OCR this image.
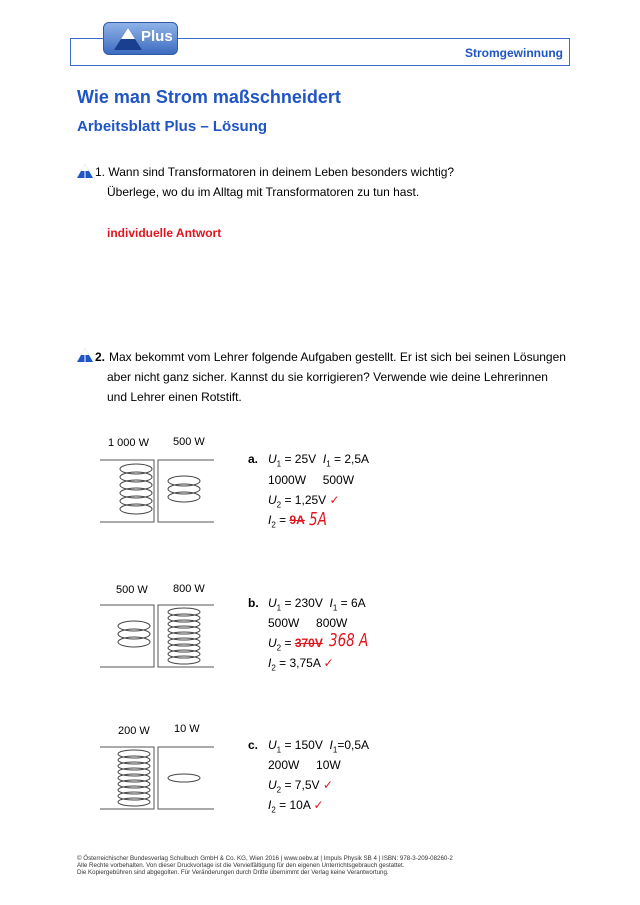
Plus
Stromgewinnung
Wie man Strom maßschneidert
Arbeitsblatt Plus – Lösung
1. Wann sind Transformatoren in deinem Leben besonders wichtig?
Überlege, wo du im Alltag mit Transformatoren zu tun hast.
individuelle Antwort
2. Max bekommt vom Lehrer folgende Aufgaben gestellt. Er ist sich bei seinen Lösungen
aber nicht ganz sicher. Kannst du sie korrigieren? Verwende wie deine Lehrerinnen
und Lehrer einen Rotstift.
1 000 W 500 W
a. $U_1 = 25V$ $I_1 = 2,5A$
1000W     500W
$U_2 = 1,25V$ ✓
$I_2 = 9A$ 5A
500 W 800 W
b. $U_1 = 230V$ $I_1 = 6A$
500W     800W
$U_2 = 370V$ 368 A
$I_2 = 3,75A$ ✓
200 W 10 W
c. $U_1 = 150V$ $I_1=0,5A$
200W     10W
$U_2 = 7,5V$ ✓
$I_2 = 10A$ ✓
© Österreichischer Bundesverlag Schulbuch GmbH & Co. KG, Wien 2016 | www.oebv.at | Impuls Physik SB 4 | ISBN: 978-3-209-08260-2
Alle Rechte vorbehalten. Von dieser Druckvorlage ist die Vervielfältigung für den eigenen Unterrichtsgebrauch gestattet.
Die Kopiergebühren sind abgegolten. Für Veränderungen durch Dritte übernimmt der Verlag keine Verantwortung.
